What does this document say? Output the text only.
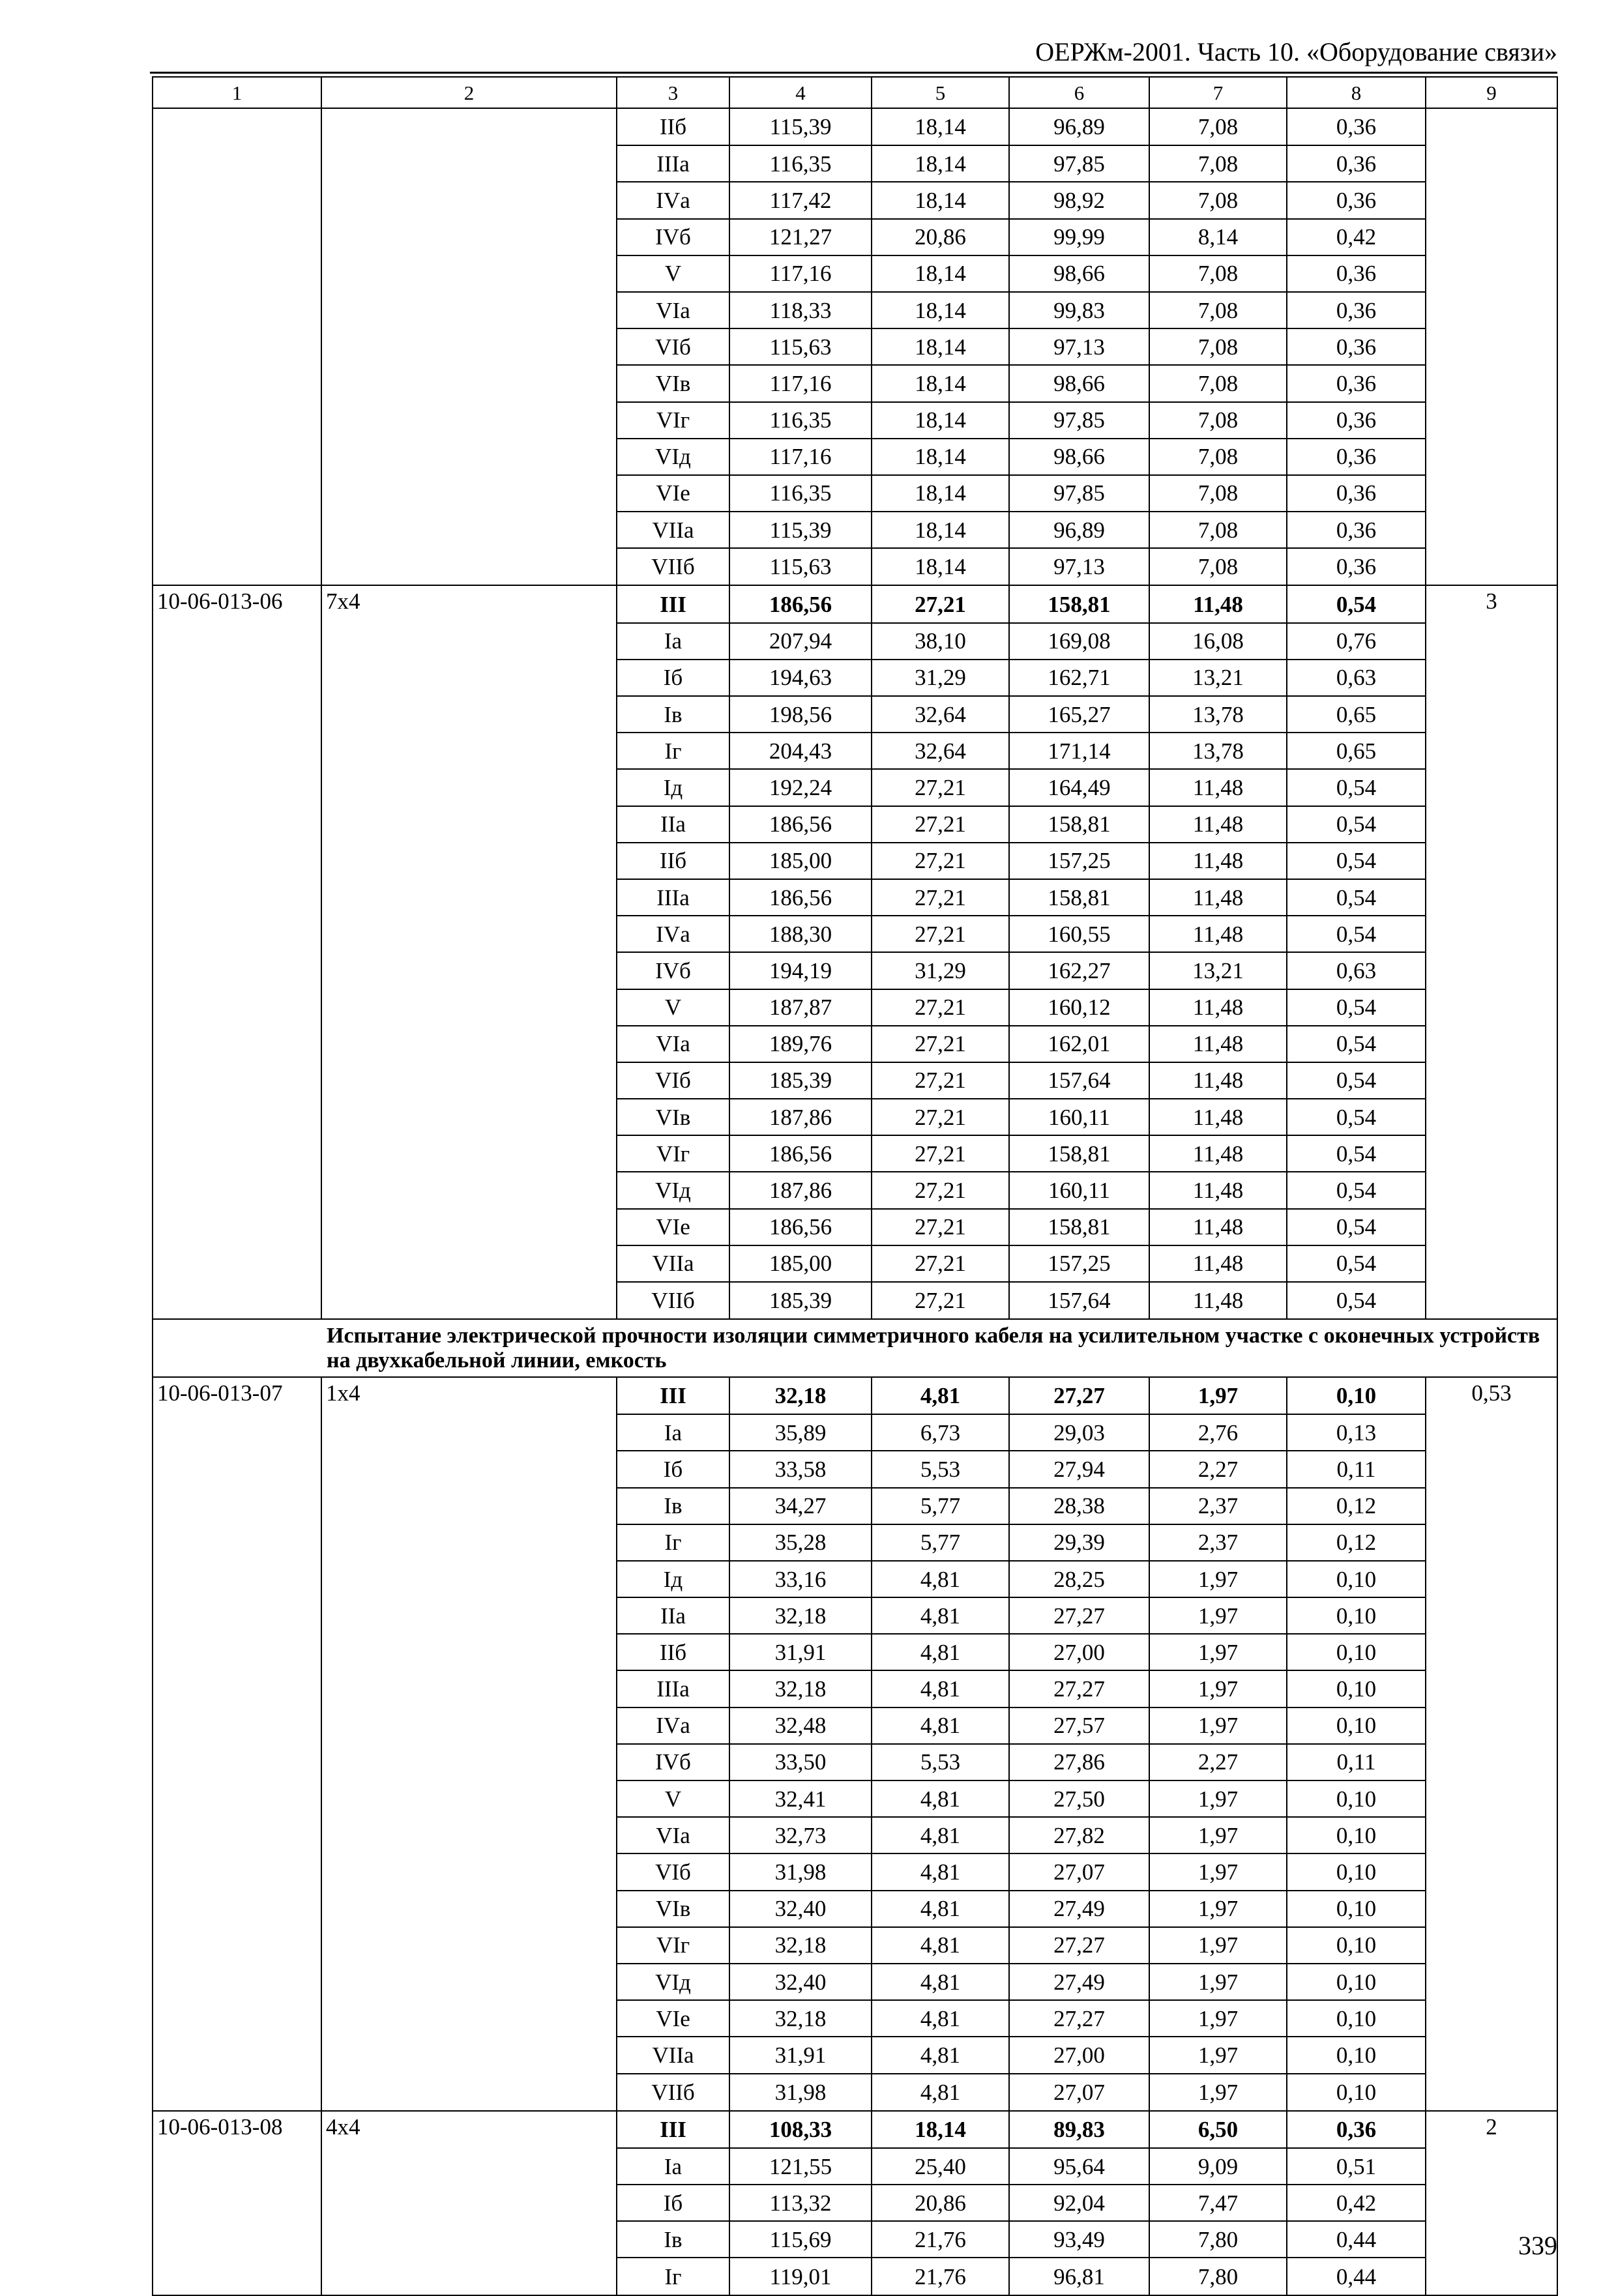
ОЕРЖм-2001. Часть 10. «Оборудование связи»
1	2	3	4	5	6	7	8	9
		IIб	115,39	18,14	96,89	7,08	0,36	
		IIIа	116,35	18,14	97,85	7,08	0,36	
		IVа	117,42	18,14	98,92	7,08	0,36	
		IVб	121,27	20,86	99,99	8,14	0,42	
		V	117,16	18,14	98,66	7,08	0,36	
		VIа	118,33	18,14	99,83	7,08	0,36	
		VIб	115,63	18,14	97,13	7,08	0,36	
		VIв	117,16	18,14	98,66	7,08	0,36	
		VIг	116,35	18,14	97,85	7,08	0,36	
		VIд	117,16	18,14	98,66	7,08	0,36	
		VIе	116,35	18,14	97,85	7,08	0,36	
		VIIа	115,39	18,14	96,89	7,08	0,36	
		VIIб	115,63	18,14	97,13	7,08	0,36	
10-06-013-06	7x4	III	186,56	27,21	158,81	11,48	0,54	3
		Iа	207,94	38,10	169,08	16,08	0,76	
		Iб	194,63	31,29	162,71	13,21	0,63	
		Iв	198,56	32,64	165,27	13,78	0,65	
		Iг	204,43	32,64	171,14	13,78	0,65	
		Iд	192,24	27,21	164,49	11,48	0,54	
		IIа	186,56	27,21	158,81	11,48	0,54	
		IIб	185,00	27,21	157,25	11,48	0,54	
		IIIа	186,56	27,21	158,81	11,48	0,54	
		IVа	188,30	27,21	160,55	11,48	0,54	
		IVб	194,19	31,29	162,27	13,21	0,63	
		V	187,87	27,21	160,12	11,48	0,54	
		VIа	189,76	27,21	162,01	11,48	0,54	
		VIб	185,39	27,21	157,64	11,48	0,54	
		VIв	187,86	27,21	160,11	11,48	0,54	
		VIг	186,56	27,21	158,81	11,48	0,54	
		VIд	187,86	27,21	160,11	11,48	0,54	
		VIе	186,56	27,21	158,81	11,48	0,54	
		VIIа	185,00	27,21	157,25	11,48	0,54	
		VIIб	185,39	27,21	157,64	11,48	0,54	
	Испытание электрической прочности изоляции симметричного кабеля на усилительном участке с оконечных устройств на двухкабельной линии, емкость							
10-06-013-07	1x4	III	32,18	4,81	27,27	1,97	0,10	0,53
		Iа	35,89	6,73	29,03	2,76	0,13	
		Iб	33,58	5,53	27,94	2,27	0,11	
		Iв	34,27	5,77	28,38	2,37	0,12	
		Iг	35,28	5,77	29,39	2,37	0,12	
		Iд	33,16	4,81	28,25	1,97	0,10	
		IIа	32,18	4,81	27,27	1,97	0,10	
		IIб	31,91	4,81	27,00	1,97	0,10	
		IIIа	32,18	4,81	27,27	1,97	0,10	
		IVа	32,48	4,81	27,57	1,97	0,10	
		IVб	33,50	5,53	27,86	2,27	0,11	
		V	32,41	4,81	27,50	1,97	0,10	
		VIа	32,73	4,81	27,82	1,97	0,10	
		VIб	31,98	4,81	27,07	1,97	0,10	
		VIв	32,40	4,81	27,49	1,97	0,10	
		VIг	32,18	4,81	27,27	1,97	0,10	
		VIд	32,40	4,81	27,49	1,97	0,10	
		VIе	32,18	4,81	27,27	1,97	0,10	
		VIIа	31,91	4,81	27,00	1,97	0,10	
		VIIб	31,98	4,81	27,07	1,97	0,10	
10-06-013-08	4x4	III	108,33	18,14	89,83	6,50	0,36	2
		Iа	121,55	25,40	95,64	9,09	0,51	
		Iб	113,32	20,86	92,04	7,47	0,42	
		Iв	115,69	21,76	93,49	7,80	0,44	
		Iг	119,01	21,76	96,81	7,80	0,44	
339
